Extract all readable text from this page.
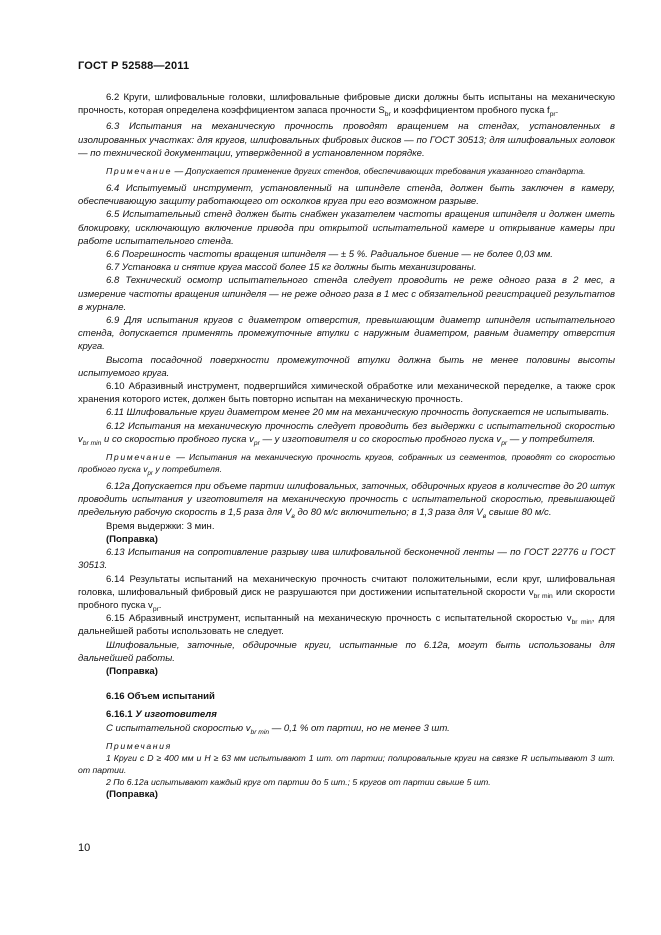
ГОСТ Р 52588—2011

6.2 Круги, шлифовальные головки, шлифовальные фибровые диски должны быть испытаны на механическую прочность, которая определена коэффициентом запаса прочности $S_{br}$ и коэффициентом пробного пуска $f_{pr}$.

6.3 Испытания на механическую прочность проводят вращением на стендах, установленных в изолированных участках: для кругов, шлифовальных фибровых дисков — по ГОСТ 30513; для шлифовальных головок — по технической документации, утвержденной в установленном порядке.

Примечание — Допускается применение других стендов, обеспечивающих требования указанного стандарта.

6.4 Испытуемый инструмент, установленный на шпинделе стенда, должен быть заключен в камеру, обеспечивающую защиту работающего от осколков круга при его возможном разрыве.

6.5 Испытательный стенд должен быть снабжен указателем частоты вращения шпинделя и должен иметь блокировку, исключающую включение привода при открытой испытательной камере и открывание камеры при работе испытательного стенда.

6.6 Погрешность частоты вращения шпинделя — ± 5 %. Радиальное биение — не более 0,03 мм.

6.7 Установка и снятие круга массой более 15 кг должны быть механизированы.

6.8 Технический осмотр испытательного стенда следует проводить не реже одного раза в 2 мес, а измерение частоты вращения шпинделя — не реже одного раза в 1 мес с обязательной регистрацией результатов в журнале.

6.9 Для испытания кругов с диаметром отверстия, превышающим диаметр шпинделя испытательного стенда, допускается применять промежуточные втулки с наружным диаметром, равным диаметру отверстия круга.

Высота посадочной поверхности промежуточной втулки должна быть не менее половины высоты испытуемого круга.

6.10 Абразивный инструмент, подвергшийся химической обработке или механической переделке, а также срок хранения которого истек, должен быть повторно испытан на механическую прочность.

6.11 Шлифовальные круги диаметром менее 20 мм на механическую прочность допускается не испытывать.

6.12 Испытания на механическую прочность следует проводить без выдержки с испытательной скоростью $v_{br min}$ и со скоростью пробного пуска $v_{pr}$ — у изготовителя и со скоростью пробного пуска $v_{pr}$ — у потребителя.

Примечание — Испытания на механическую прочность кругов, собранных из сегментов, проводят со скоростью пробного пуска $v_{pr}$ у потребителя.

6.12а Допускается при объеме партии шлифовальных, заточных, обдирочных кругов в количестве до 20 штук проводить испытания у изготовителя на механическую прочность с испытательной скоростью, превышающей предельную рабочую скорость в 1,5 раза для $V_в$ до 80 м/с включительно; в 1,3 раза для $V_в$ свыше 80 м/с.

Время выдержки: 3 мин.

(Поправка)

6.13 Испытания на сопротивление разрыву шва шлифовальной бесконечной ленты — по ГОСТ 22776 и ГОСТ 30513.

6.14 Результаты испытаний на механическую прочность считают положительными, если круг, шлифовальная головка, шлифовальный фибровый диск не разрушаются при достижении испытательной скорости $v_{br min}$ или скорости пробного пуска $v_{pr}$.

6.15 Абразивный инструмент, испытанный на механическую прочность с испытательной скоростью $v_{br min}$, для дальнейшей работы использовать не следует.

Шлифовальные, заточные, обдирочные круги, испытанные по 6.12а, могут быть использованы для дальнейшей работы.

(Поправка)

6.16 Объем испытаний

6.16.1 У изготовителя

С испытательной скоростью $v_{br min}$ — 0,1 % от партии, но не менее 3 шт.

Примечания

1 Круги с D ≥ 400 мм и H ≥ 63 мм испытывают 1 шт. от партии; полировальные круги на связке R испытывают 3 шт. от партии.

2 По 6.12а испытывают каждый круг от партии до 5 шт.; 5 кругов от партии свыше 5 шт.

(Поправка)

10
